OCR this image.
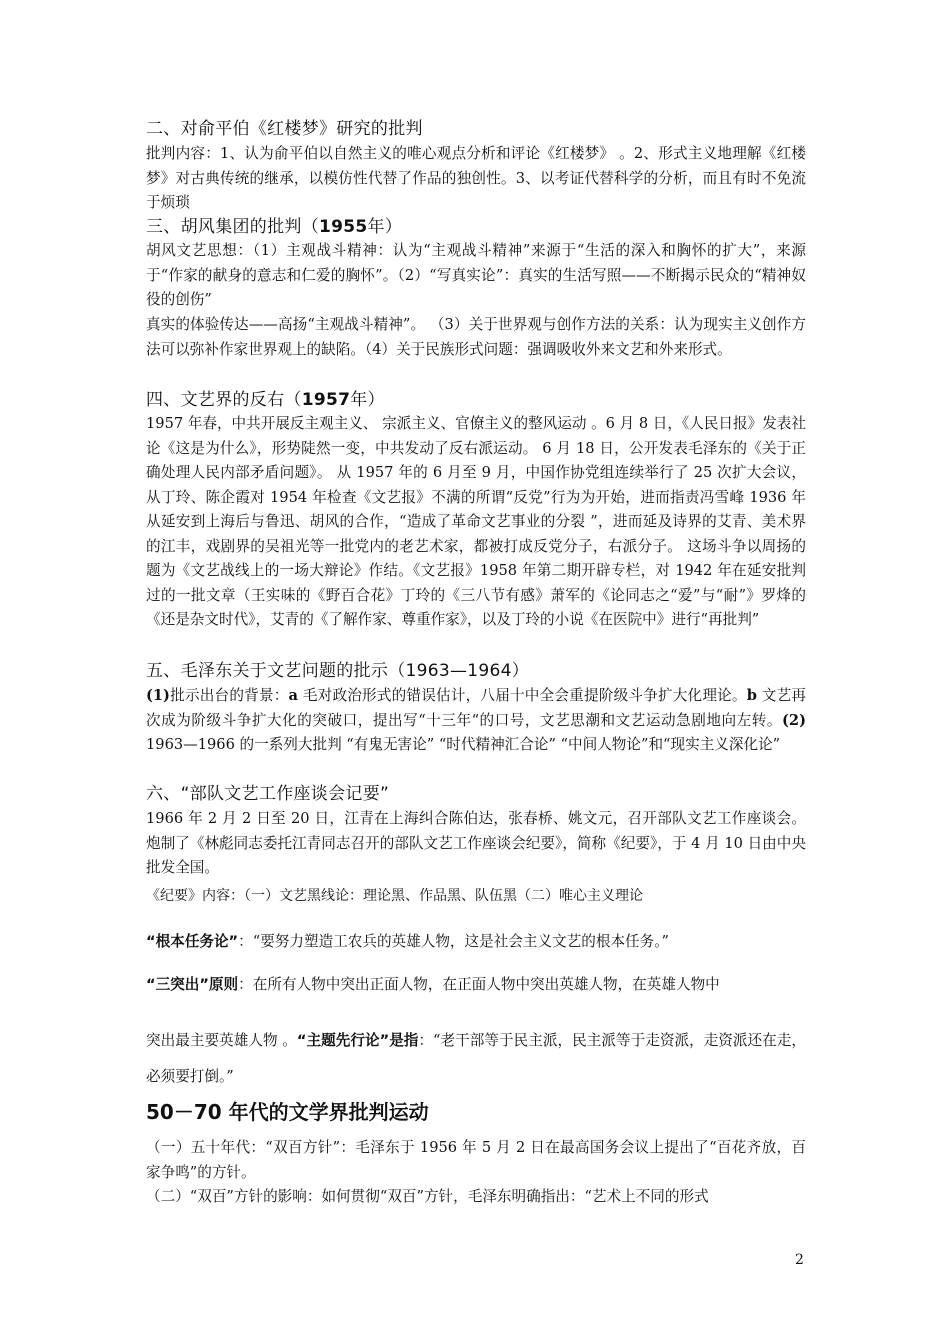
二、对俞平伯《红楼梦》研究的批判

批判内容：1、认为俞平伯以自然主义的唯心观点分析和评论《红楼梦》 。2、形式主义地理解《红楼梦》对古典传统的继承，以模仿性代替了作品的独创性。3、以考证代替科学的分析，而且有时不免流于烦琐

三、胡风集团的批判（1955年）

胡风文艺思想：（1）主观战斗精神：认为“主观战斗精神”来源于“生活的深入和胸怀的扩大”，来源于“作家的献身的意志和仁爱的胸怀”。（2）“写真实论”：真实的生活写照——不断揭示民众的“精神奴役的创伤”

真实的体验传达——高扬“主观战斗精神”。 （3）关于世界观与创作方法的关系：认为现实主义创作方法可以弥补作家世界观上的缺陷。（4）关于民族形式问题：强调吸收外来文艺和外来形式。

四、文艺界的反右（1957年）

1957 年春，中共开展反主观主义、 宗派主义、官僚主义的整风运动 。6 月 8 日，《人民日报》发表社论《这是为什么》，形势陡然一变，中共发动了反右派运动。 6 月 18 日，公开发表毛泽东的《关于正确处理人民内部矛盾问题》。 从 1957 年的 6 月至 9 月，中国作协党组连续举行了 25 次扩大会议，从丁玲、陈企霞对 1954 年检查《文艺报》不满的所谓“反党”行为为开始，进而指责冯雪峰 1936 年从延安到上海后与鲁迅、胡风的合作，“造成了革命文艺事业的分裂 ”，进而延及诗界的艾青、美术界的江丰，戏剧界的吴祖光等一批党内的老艺术家，都被打成反党分子，右派分子。 这场斗争以周扬的题为《文艺战线上的一场大辩论》作结。《文艺报》1958 年第二期开辟专栏，对 1942 年在延安批判过的一批文章（王实味的《野百合花》丁玲的《三八节有感》萧军的《论同志之“爱”与“耐”》罗烽的《还是杂文时代》，艾青的《了解作家、尊重作家》，以及丁玲的小说《在医院中》进行“再批判”

五、毛泽东关于文艺问题的批示（1963—1964）

(1)批示出台的背景：a 毛对政治形式的错误估计，八届十中全会重提阶级斗争扩大化理论。b 文艺再次成为阶级斗争扩大化的突破口，提出写“十三年“的口号，文艺思潮和文艺运动急剧地向左转。(2) 1963—1966 的一系列大批判 “有鬼无害论” “时代精神汇合论” “中间人物论”和“现实主义深化论”

六、“部队文艺工作座谈会记要”

1966 年 2 月 2 日至 20 日，江青在上海纠合陈伯达，张春桥、姚文元，召开部队文艺工作座谈会。炮制了《林彪同志委托江青同志召开的部队文艺工作座谈会纪要》，简称《纪要》，于 4 月 10 日由中央批发全国。

《纪要》内容：（一）文艺黑线论：理论黑、作品黑、队伍黑（二）唯心主义理论

“根本任务论”：“要努力塑造工农兵的英雄人物，这是社会主义文艺的根本任务。”

“三突出”原则：在所有人物中突出正面人物，在正面人物中突出英雄人物，在英雄人物中

突出最主要英雄人物 。“主题先行论”是指：“老干部等于民主派，民主派等于走资派，走资派还在走，必须要打倒。”

50－70 年代的文学界批判运动

（一）五十年代：“双百方针”：毛泽东于 1956 年 5 月 2 日在最高国务会议上提出了“百花齐放，百家争鸣”的方针。

（二）“双百”方针的影响：如何贯彻“双百”方针，毛泽东明确指出：“艺术上不同的形式

2
